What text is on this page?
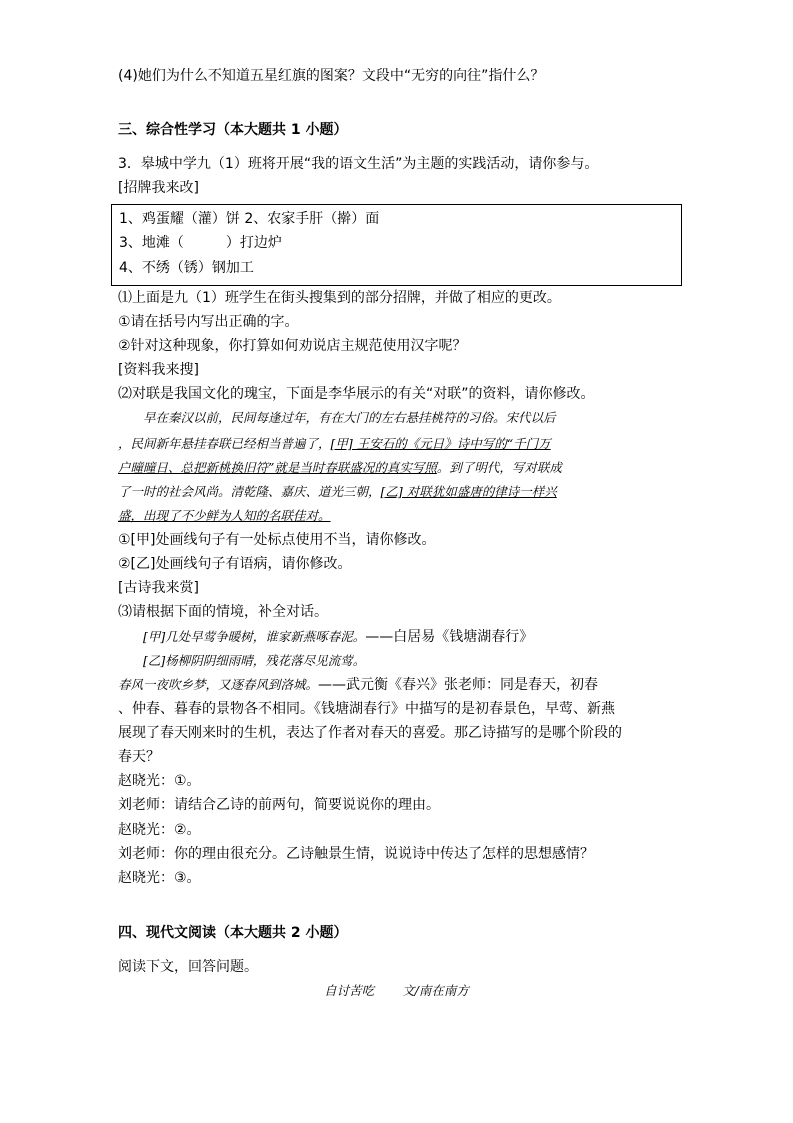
(4)她们为什么不知道五星红旗的图案？文段中“无穷的向往”指什么？
三、综合性学习（本大题共 1 小题）
3．皋城中学九（1）班将开展“我的语文生活”为主题的实践活动，请你参与。
[招牌我来改]
1、鸡蛋耀（灌）饼 2、农家手肝（擀）面
3、地滩（　　　）打边炉
4、不绣（锈）钢加工
⑴上面是九（1）班学生在街头搜集到的部分招牌，并做了相应的更改。
①请在括号内写出正确的字。
②针对这种现象，你打算如何劝说店主规范使用汉字呢？
[资料我来搜]
⑵对联是我国文化的瑰宝，下面是李华展示的有关“对联”的资料，请你修改。
　　早在秦汉以前，民间每逢过年，有在大门的左右悬挂桃符的习俗。宋代以后
，民间新年悬挂春联已经相当普遍了，[甲] 王安石的《元日》诗中写的“千门万
户曈曈日、总把新桃换旧符”就是当时春联盛况的真实写照。到了明代，写对联成
了一时的社会风尚。清乾隆、嘉庆、道光三朝，[乙] 对联犹如盛唐的律诗一样兴
盛，出现了不少鲜为人知的名联佳对。
①[甲]处画线句子有一处标点使用不当，请你修改。
②[乙]处画线句子有语病，请你修改。
[古诗我来赏]
⑶请根据下面的情境，补全对话。
　　[甲]几处早莺争暖树，谁家新燕啄春泥。——白居易《钱塘湖春行》
　　[乙]杨柳阴阴细雨晴，残花落尽见流莺。
春风一夜吹乡梦，又逐春风到洛城。——武元衡《春兴》张老师：同是春天，初春
、仲春、暮春的景物各不相同。《钱塘湖春行》中描写的是初春景色，早莺、新燕
展现了春天刚来时的生机，表达了作者对春天的喜爱。那乙诗描写的是哪个阶段的
春天？
赵晓光：①。
刘老师：请结合乙诗的前两句，简要说说你的理由。
赵晓光：②。
刘老师：你的理由很充分。乙诗触景生情，说说诗中传达了怎样的思想感情？
赵晓光：③。
四、现代文阅读（本大题共 2 小题）
阅读下文，回答问题。
自讨苦吃 文/南在南方
